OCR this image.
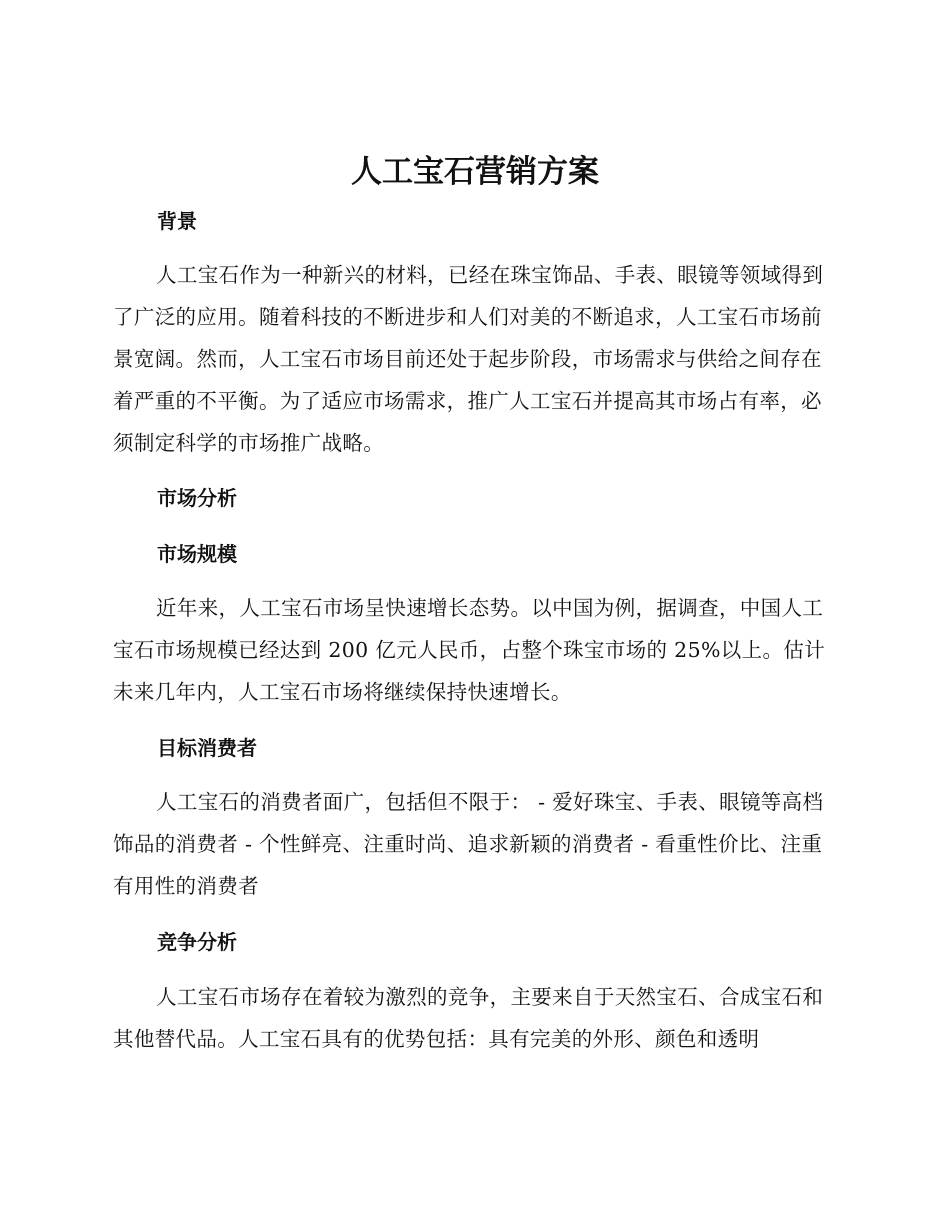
人工宝石营销方案
背景

人工宝石作为一种新兴的材料，已经在珠宝饰品、手表、眼镜等领域得到了广泛的应用。随着科技的不断进步和人们对美的不断追求，人工宝石市场前景宽阔。然而，人工宝石市场目前还处于起步阶段，市场需求与供给之间存在着严重的不平衡。为了适应市场需求，推广人工宝石并提高其市场占有率，必须制定科学的市场推广战略。

市场分析
市场规模

近年来，人工宝石市场呈快速增长态势。以中国为例，据调查，中国人工宝石市场规模已经达到 200 亿元人民币，占整个珠宝市场的 25%以上。估计未来几年内，人工宝石市场将继续保持快速增长。

目标消费者

人工宝石的消费者面广，包括但不限于： - 爱好珠宝、手表、眼镜等高档饰品的消费者 - 个性鲜亮、注重时尚、追求新颖的消费者 - 看重性价比、注重有用性的消费者

竞争分析

人工宝石市场存在着较为激烈的竞争，主要来自于天然宝石、合成宝石和其他替代品。人工宝石具有的优势包括：具有完美的外形、颜色和透明
